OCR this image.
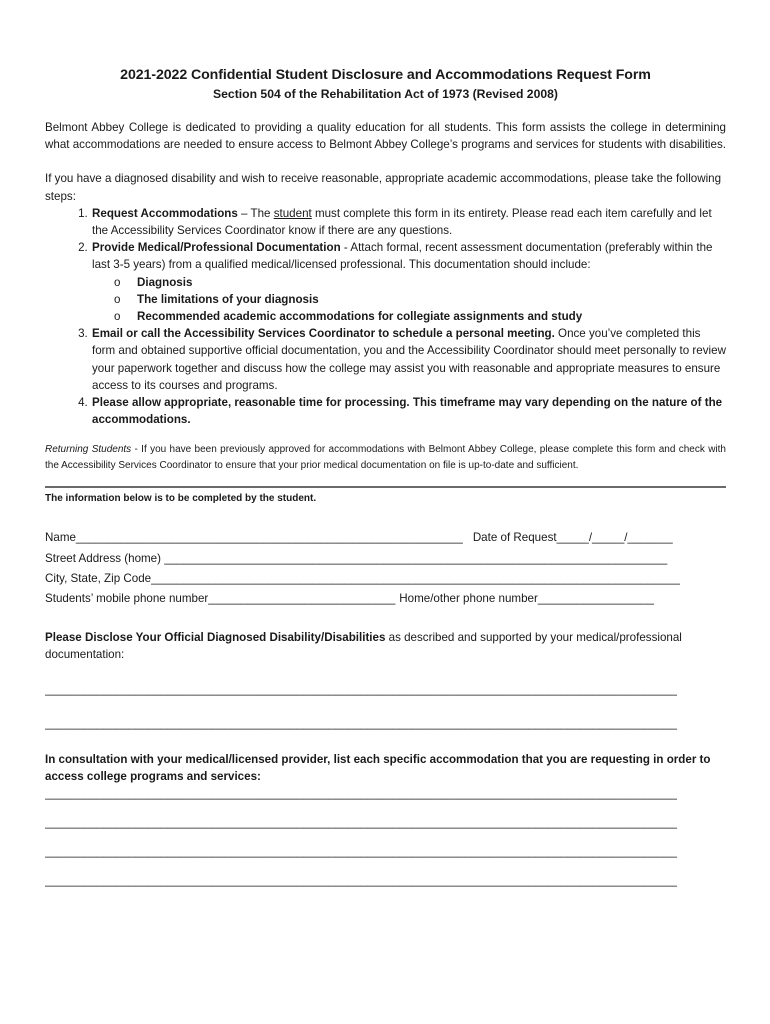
2021-2022 Confidential Student Disclosure and Accommodations Request Form
Section 504 of the Rehabilitation Act of 1973 (Revised 2008)

Belmont Abbey College is dedicated to providing a quality education for all students. This form assists the college in determining what accommodations are needed to ensure access to Belmont Abbey College’s programs and services for students with disabilities.

If you have a diagnosed disability and wish to receive reasonable, appropriate academic accommodations, please take the following steps:

1. Request Accommodations – The student must complete this form in its entirety. Please read each item carefully and let the Accessibility Services Coordinator know if there are any questions.
2. Provide Medical/Professional Documentation - Attach formal, recent assessment documentation (preferably within the last 3-5 years) from a qualified medical/licensed professional. This documentation should include:
o Diagnosis
o The limitations of your diagnosis
o Recommended academic accommodations for collegiate assignments and study
3. Email or call the Accessibility Services Coordinator to schedule a personal meeting. Once you’ve completed this form and obtained supportive official documentation, you and the Accessibility Coordinator should meet personally to review your paperwork together and discuss how the college may assist you with reasonable and appropriate measures to ensure access to its courses and programs.
4. Please allow appropriate, reasonable time for processing. This timeframe may vary depending on the nature of the accommodations.

Returning Students - If you have been previously approved for accommodations with Belmont Abbey College, please complete this form and check with the Accessibility Services Coordinator to ensure that your prior medical documentation on file is up-to-date and sufficient.

The information below is to be completed by the student.
Name____________________________________________________________ Date of Request_____/_____/_______
Street Address (home) ______________________________________________________________________________
City, State, Zip Code__________________________________________________________________________________
Students’ mobile phone number_____________________________ Home/other phone number__________________

Please Disclose Your Official Diagnosed Disability/Disabilities as described and supported by your medical/professional documentation:

__________________________________________________________________________________________________
__________________________________________________________________________________________________

In consultation with your medical/licensed provider, list each specific accommodation that you are requesting in order to access college programs and services:

__________________________________________________________________________________________________
__________________________________________________________________________________________________
__________________________________________________________________________________________________
__________________________________________________________________________________________________
